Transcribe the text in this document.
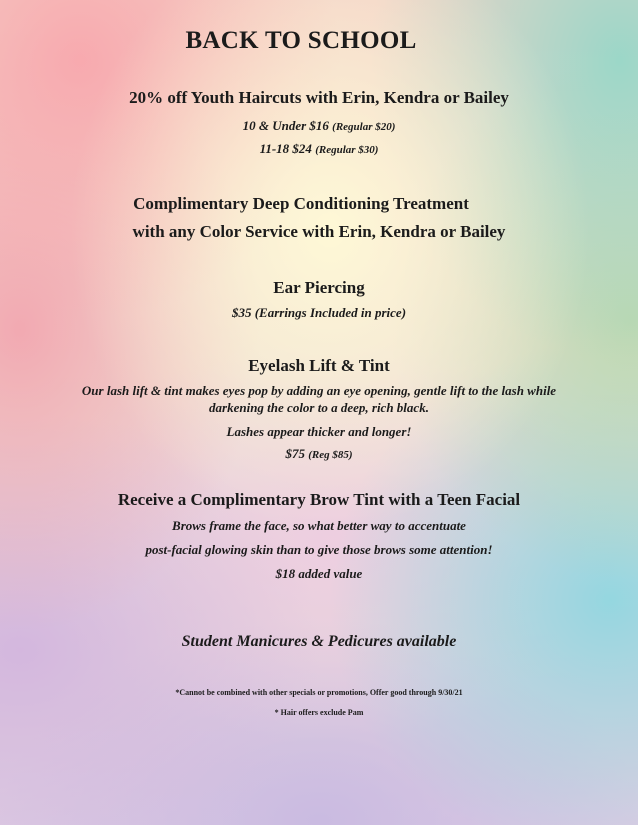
BACK TO SCHOOL
20% off Youth Haircuts with Erin, Kendra or Bailey
10 & Under $16 (Regular $20)
11-18 $24 (Regular $30)
Complimentary Deep Conditioning Treatment
with any Color Service with Erin, Kendra or Bailey
Ear Piercing
$35 (Earrings Included in price)
Eyelash Lift & Tint
Our lash lift & tint makes eyes pop by adding an eye opening, gentle lift to the lash while
darkening the color to a deep, rich black.
Lashes appear thicker and longer!
$75 (Reg $85)
Receive a Complimentary Brow Tint with a Teen Facial
Brows frame the face, so what better way to accentuate
post-facial glowing skin than to give those brows some attention!
$18 added value
Student Manicures & Pedicures available
*Cannot be combined with other specials or promotions, Offer good through 9/30/21
* Hair offers exclude Pam
